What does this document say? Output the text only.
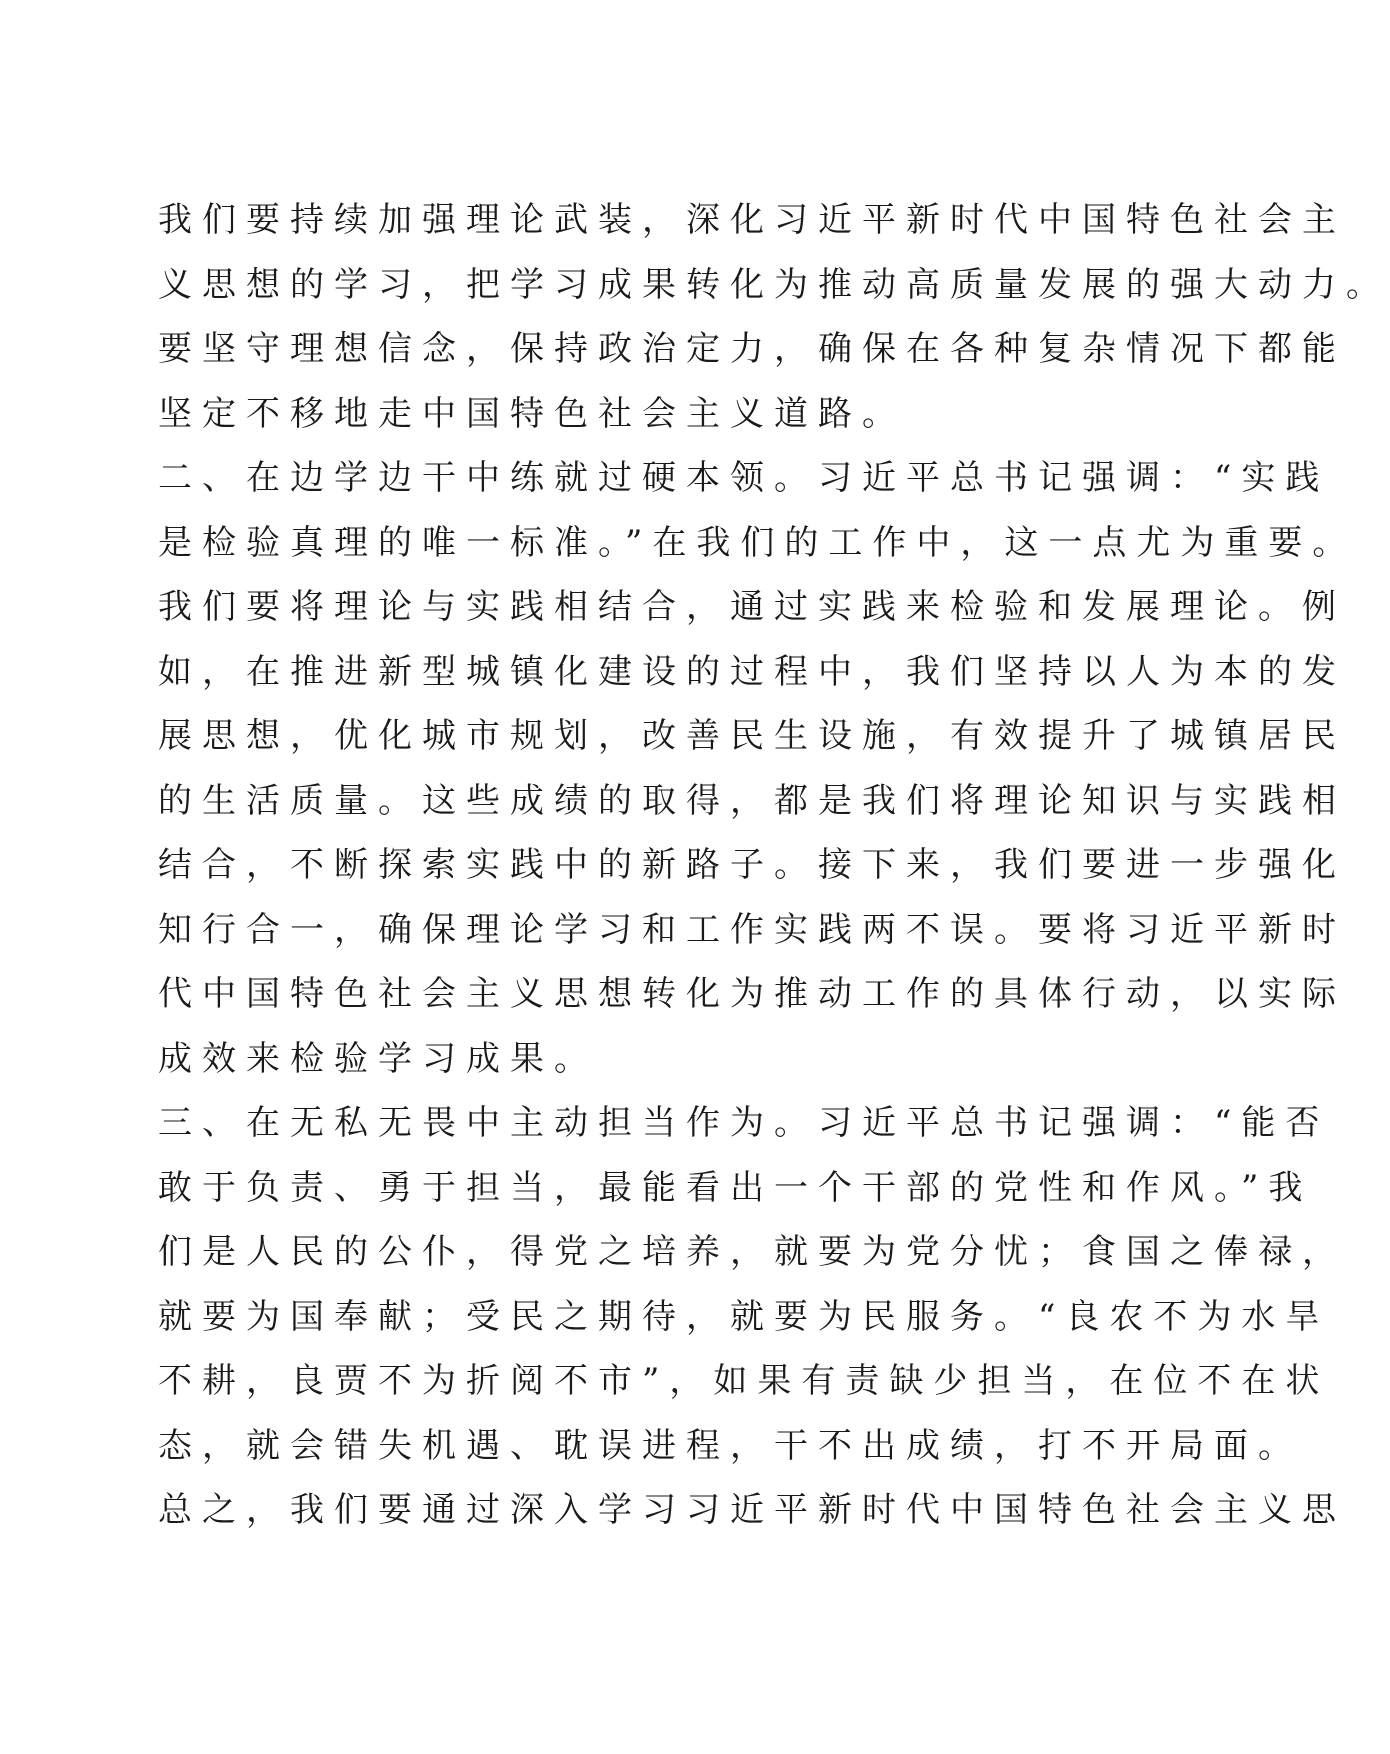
我们要持续加强理论武装，深化习近平新时代中国特色社会主
义思想的学习，把学习成果转化为推动高质量发展的强大动力。
要坚守理想信念，保持政治定力，确保在各种复杂情况下都能
坚定不移地走中国特色社会主义道路。
二、在边学边干中练就过硬本领。习近平总书记强调：“实践
是检验真理的唯一标准。”在我们的工作中，这一点尤为重要。
我们要将理论与实践相结合，通过实践来检验和发展理论。例
如，在推进新型城镇化建设的过程中，我们坚持以人为本的发
展思想，优化城市规划，改善民生设施，有效提升了城镇居民
的生活质量。这些成绩的取得，都是我们将理论知识与实践相
结合，不断探索实践中的新路子。接下来，我们要进一步强化
知行合一，确保理论学习和工作实践两不误。要将习近平新时
代中国特色社会主义思想转化为推动工作的具体行动，以实际
成效来检验学习成果。
三、在无私无畏中主动担当作为。习近平总书记强调：“能否
敢于负责、勇于担当，最能看出一个干部的党性和作风。”我
们是人民的公仆，得党之培养，就要为党分忧；食国之俸禄，
就要为国奉献；受民之期待，就要为民服务。“良农不为水旱
不耕，良贾不为折阅不市”，如果有责缺少担当，在位不在状
态，就会错失机遇、耽误进程，干不出成绩，打不开局面。
总之，我们要通过深入学习习近平新时代中国特色社会主义思
